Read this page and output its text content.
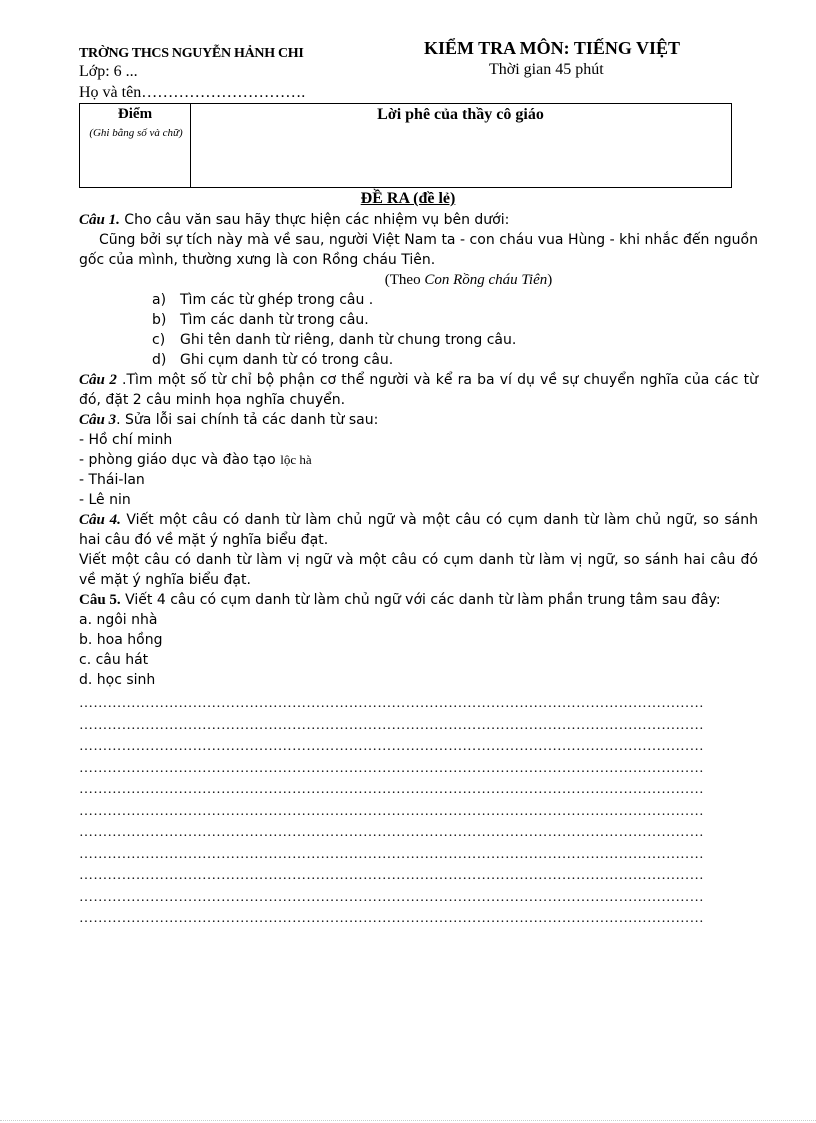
TRỜNG THCS NGUYỄN HẢNH CHI	KIỂM TRA MÔN: TIẾNG VIỆT
Lớp: 6 ...	Thời gian 45 phút
Họ và tên………………………….
Điểm
(Ghi bằng số và chữ)
Lời phê của thầy cô giáo
ĐỀ RA (đề lẻ)

Câu 1. Cho câu văn sau hãy thực hiện các nhiệm vụ bên dưới:

Cũng bởi sự tích này mà về sau, người Việt Nam ta - con cháu vua Hùng - khi nhắc đến nguồn gốc của mình, thường xưng là con Rồng cháu Tiên.

(Theo Con Rồng cháu Tiên)

a) Tìm các từ ghép trong câu .

b) Tìm các danh từ trong câu.

c)	Ghi tên danh từ riêng, danh từ chung trong câu.

d) Ghi cụm danh từ có trong câu.

Câu 2 .Tìm một số từ chỉ bộ phận cơ thể người và kể ra ba ví dụ về sự chuyển nghĩa của các từ đó, đặt 2 câu minh họa nghĩa chuyển.

Câu 3. Sửa lỗi sai chính tả các danh từ sau:

- Hồ chí minh

- phòng giáo dục và đào tạo lộc hà

- Thái-lan

- Lê nin

Câu 4. Viết một câu có danh từ làm chủ ngữ và một câu có cụm danh từ làm chủ ngữ, so sánh hai câu đó về mặt ý nghĩa biểu đạt.

Viết một câu có danh từ làm vị ngữ và một câu có cụm danh từ làm vị ngữ, so sánh hai câu đó về mặt ý nghĩa biểu đạt.

Câu 5. Viết 4 câu có cụm danh từ làm chủ ngữ với các danh từ làm phần trung tâm sau đây:

a. ngôi nhà

b. hoa hồng

c. câu hát

d. học sinh

……………………………………………………………………………………………………………………
……………………………………………………………………………………………………………………
……………………………………………………………………………………………………………………
……………………………………………………………………………………………………………………
……………………………………………………………………………………………………………………
……………………………………………………………………………………………………………………
……………………………………………………………………………………………………………………
……………………………………………………………………………………………………………………
……………………………………………………………………………………………………………………
……………………………………………………………………………………………………………………
……………………………………………………………………………………………………………………
